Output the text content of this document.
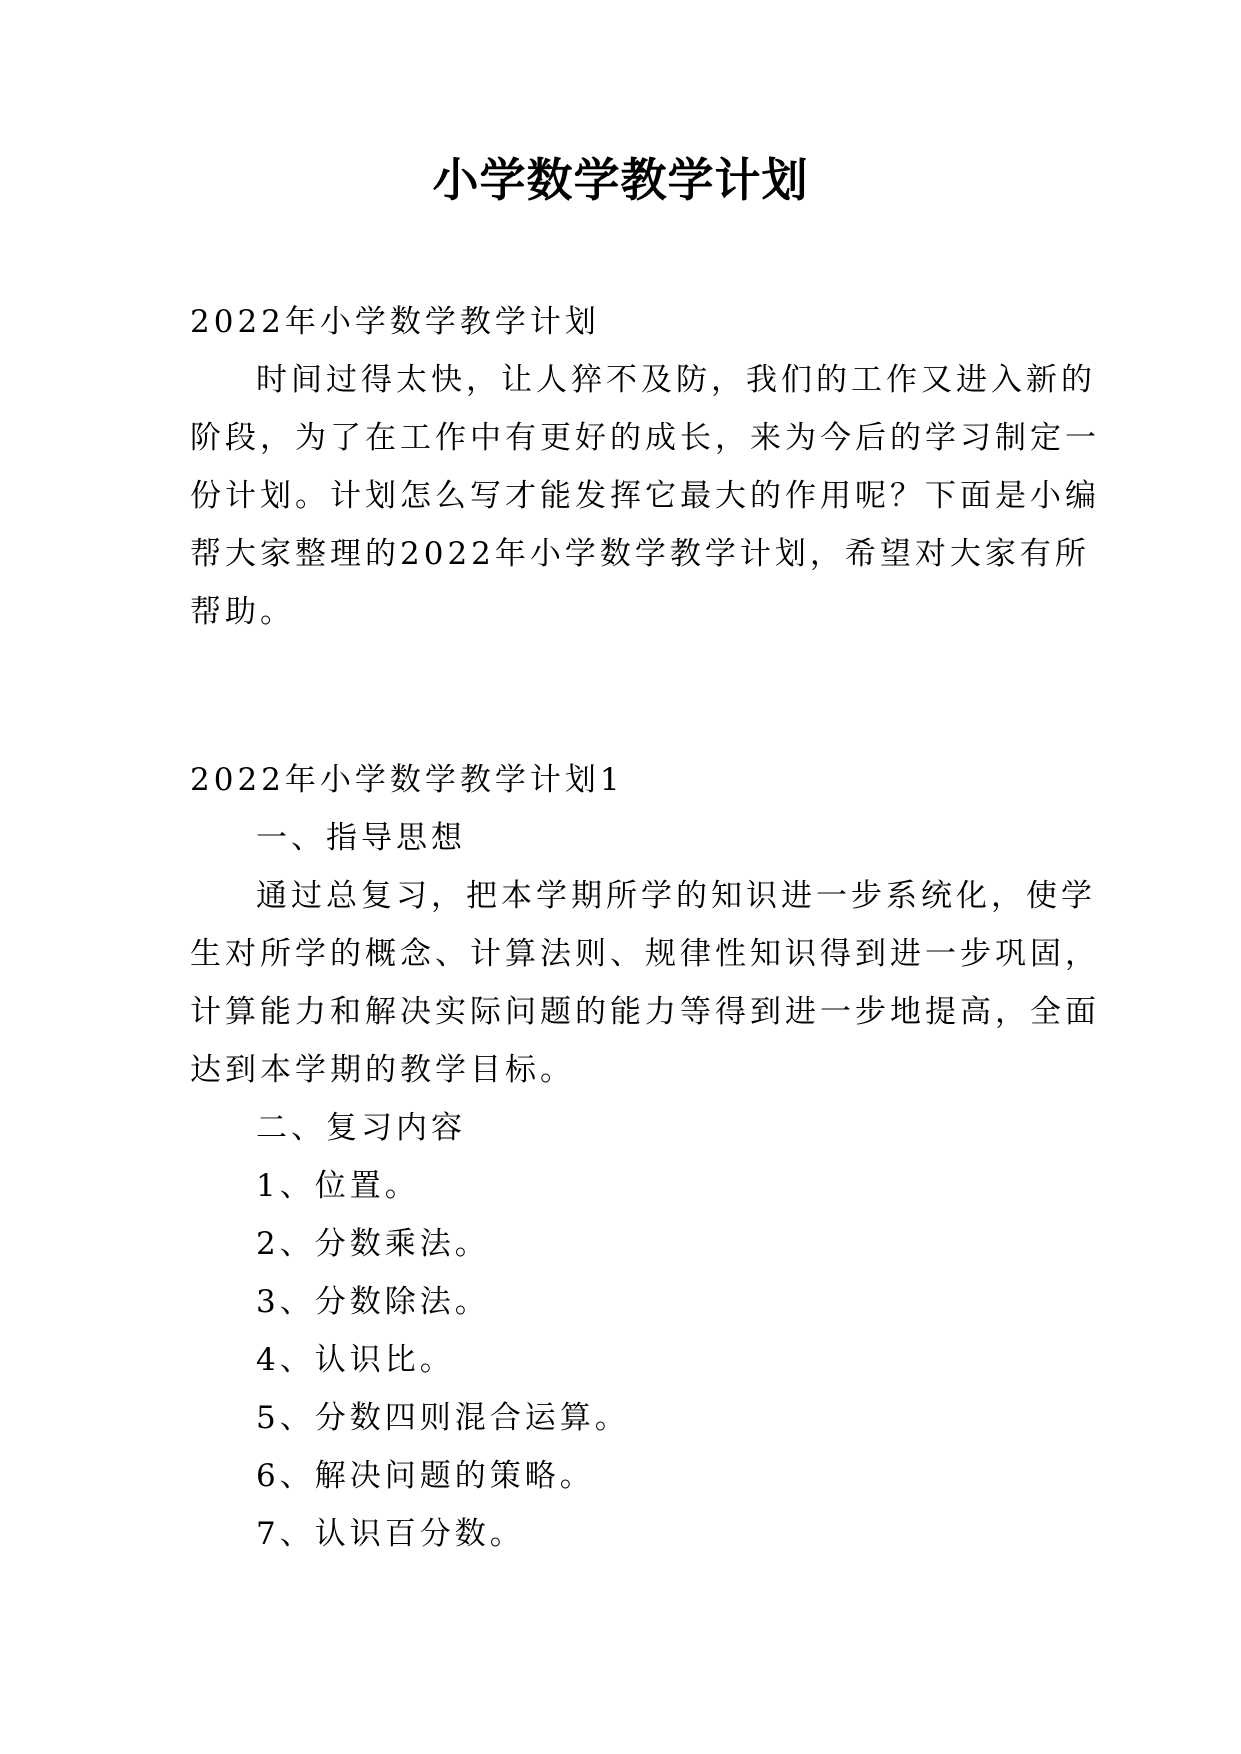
小学数学教学计划
2022年小学数学教学计划
时间过得太快，让人猝不及防，我们的工作又进入新的
阶段，为了在工作中有更好的成长，来为今后的学习制定一
份计划。计划怎么写才能发挥它最大的作用呢？下面是小编
帮大家整理的2022年小学数学教学计划，希望对大家有所
帮助。
2022年小学数学教学计划1
一、指导思想
通过总复习，把本学期所学的知识进一步系统化，使学
生对所学的概念、计算法则、规律性知识得到进一步巩固，
计算能力和解决实际问题的能力等得到进一步地提高，全面
达到本学期的教学目标。
二、复习内容
1、位置。
2、分数乘法。
3、分数除法。
4、认识比。
5、分数四则混合运算。
6、解决问题的策略。
7、认识百分数。
